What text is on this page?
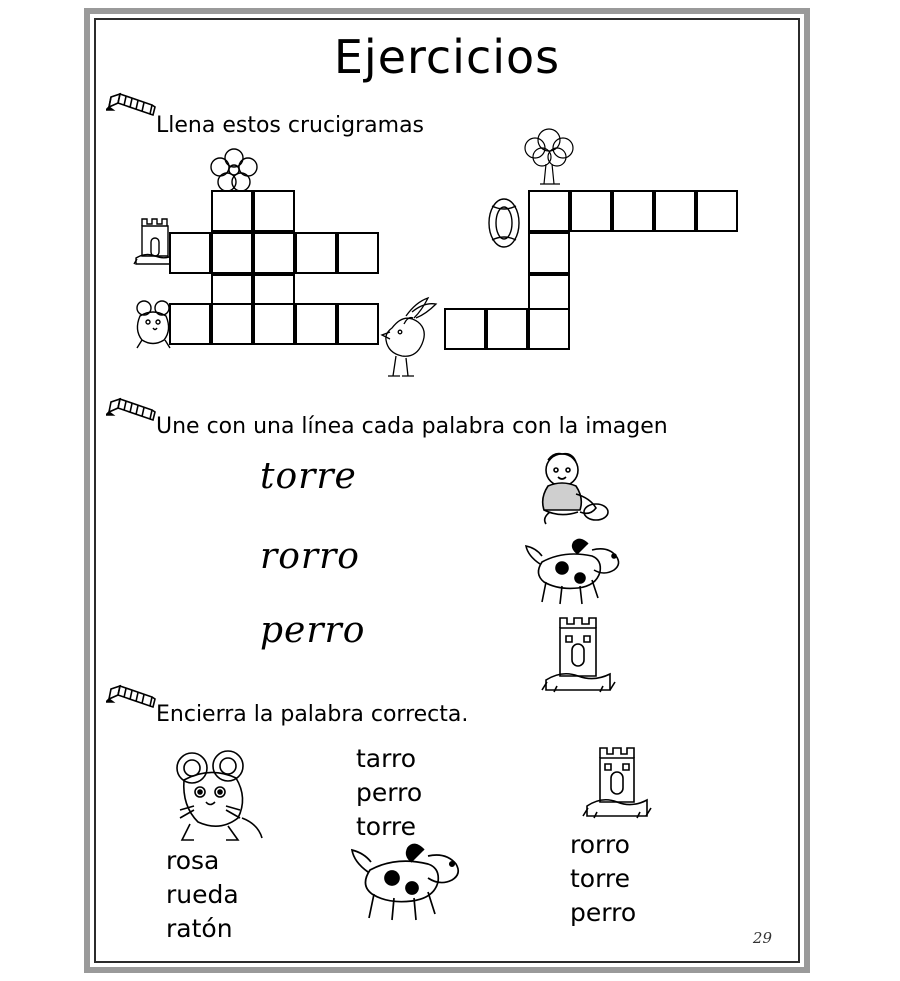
Ejercicios
Llena estos crucigramas
Une con una línea cada palabra con la imagen
torre
rorro
perro
Encierra la palabra correcta.
rosa
rueda
ratón
tarro
perro
torre
rorro
torre
perro
29
